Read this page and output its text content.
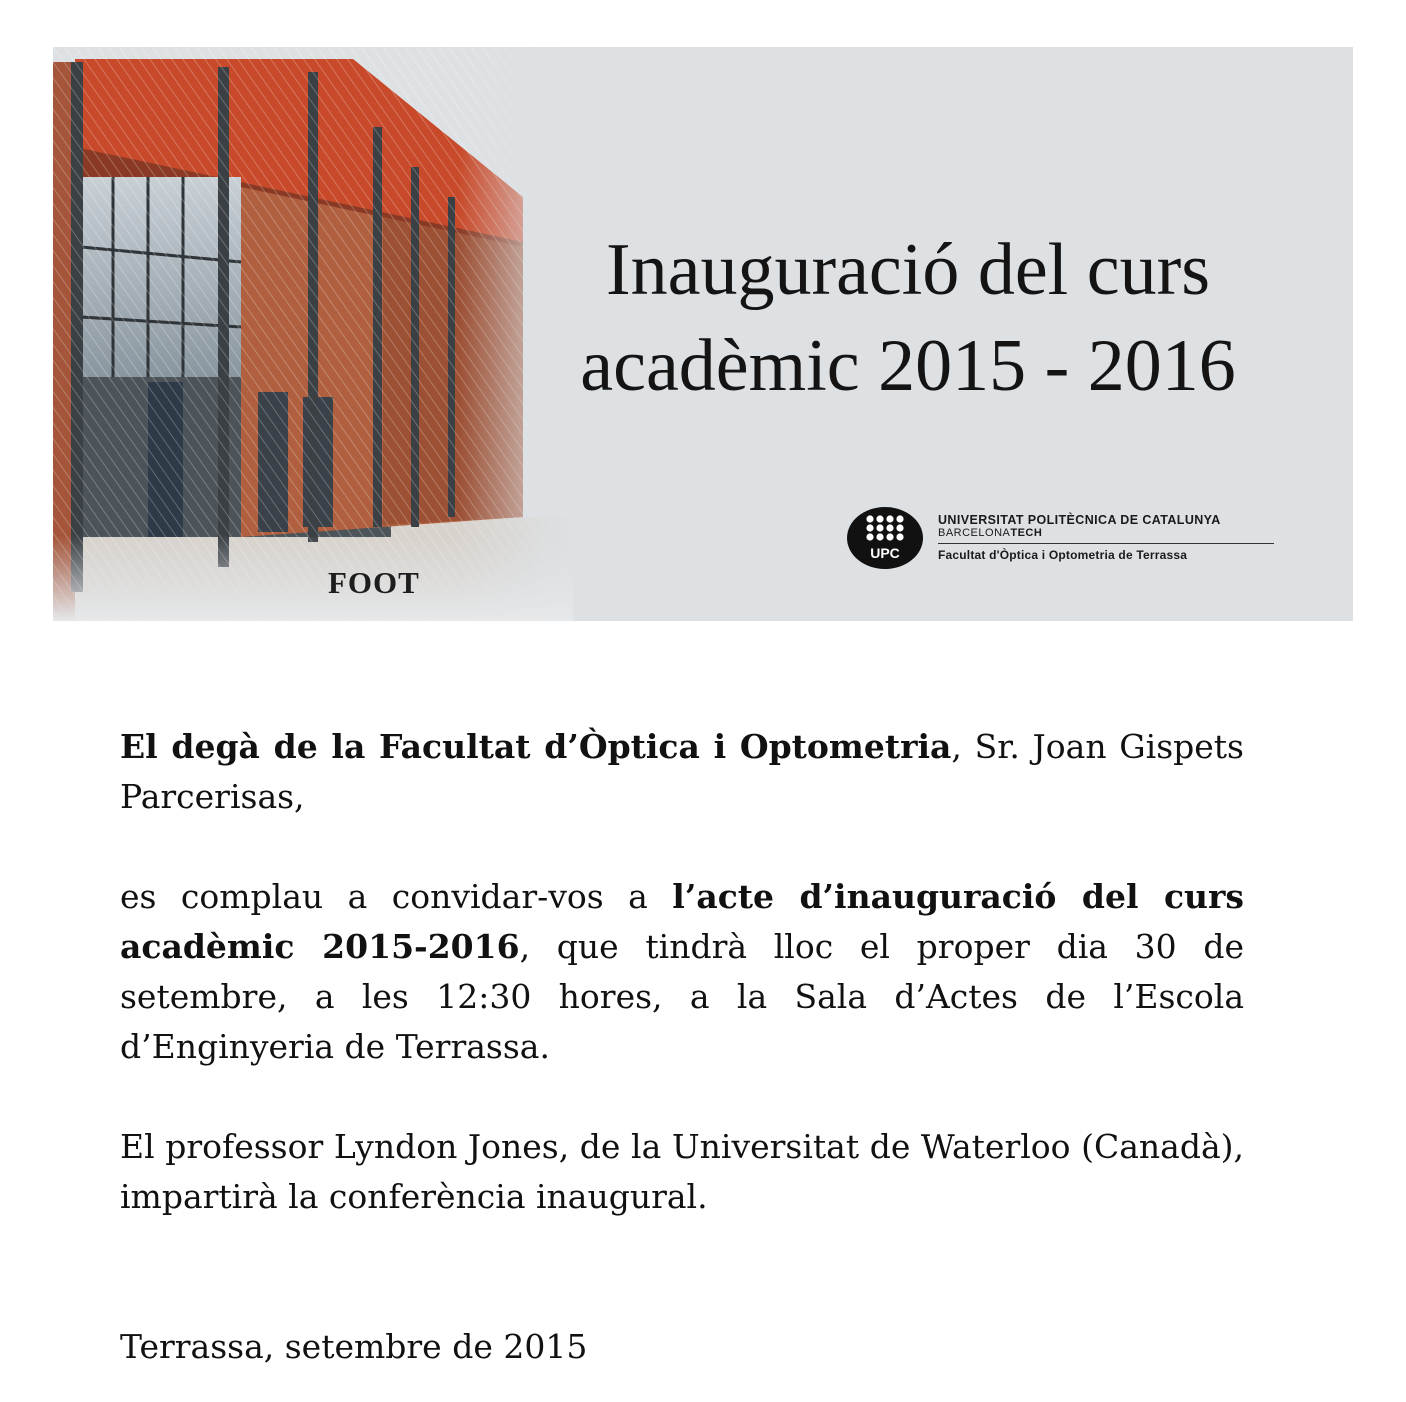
FOOT
Inauguració del curs
acadèmic 2015 - 2016
UPC
UNIVERSITAT POLITÈCNICA DE CATALUNYA
BARCELONATECH
Facultat d'Òptica i Optometria de Terrassa

El degà de la Facultat d’Òptica i Optometria, Sr. Joan Gispets Parcerisas,

es complau a convidar-vos a l’acte d’inauguració del curs acadèmic 2015-2016, que tindrà lloc el proper dia 30 de setembre, a les 12:30 hores, a la Sala d’Actes de l’Escola d’Enginyeria de Terrassa.

El professor Lyndon Jones, de la Universitat de Waterloo (Canadà), impartirà la conferència inaugural.

Terrassa, setembre de 2015
